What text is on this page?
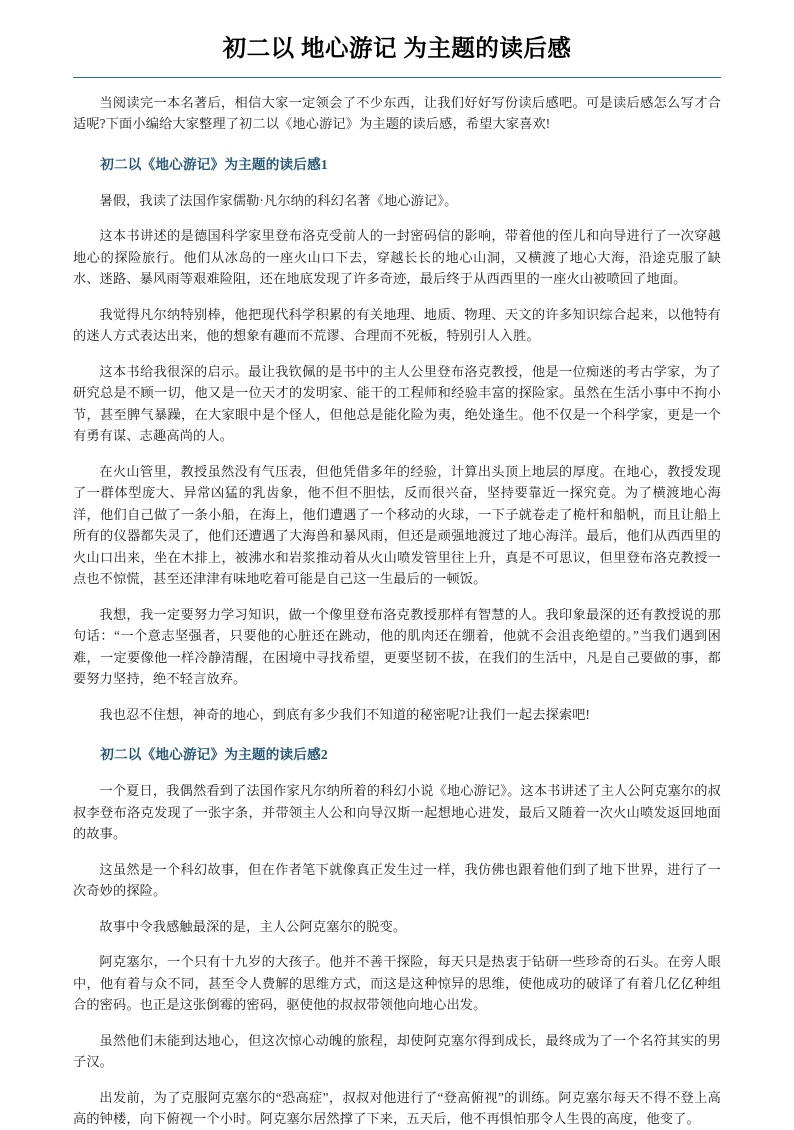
初二以 地心游记 为主题的读后感

当阅读完一本名著后，相信大家一定领会了不少东西，让我们好好写份读后感吧。可是读后感怎么写才合适呢?下面小编给大家整理了初二以《地心游记》为主题的读后感，希望大家喜欢!

初二以《地心游记》为主题的读后感1

暑假，我读了法国作家儒勒·凡尔纳的科幻名著《地心游记》。

这本书讲述的是德国科学家里登布洛克受前人的一封密码信的影响，带着他的侄儿和向导进行了一次穿越地心的探险旅行。他们从冰岛的一座火山口下去，穿越长长的地心山洞，又横渡了地心大海，沿途克服了缺水、迷路、暴风雨等艰难险阻，还在地底发现了许多奇迹，最后终于从西西里的一座火山被喷回了地面。

我觉得凡尔纳特别棒，他把现代科学积累的有关地理、地质、物理、天文的许多知识综合起来，以他特有的迷人方式表达出来，他的想象有趣而不荒谬、合理而不死板，特别引人入胜。

这本书给我很深的启示。最让我钦佩的是书中的主人公里登布洛克教授，他是一位痴迷的考古学家，为了研究总是不顾一切，他又是一位天才的发明家、能干的工程师和经验丰富的探险家。虽然在生活小事中不拘小节，甚至脾气暴躁，在大家眼中是个怪人，但他总是能化险为夷，绝处逢生。他不仅是一个科学家，更是一个有勇有谋、志趣高尚的人。

在火山管里，教授虽然没有气压表，但他凭借多年的经验，计算出头顶上地层的厚度。在地心，教授发现了一群体型庞大、异常凶猛的乳齿象，他不但不胆怯，反而很兴奋，坚持要靠近一探究竟。为了横渡地心海洋，他们自己做了一条小船，在海上，他们遭遇了一个移动的火球，一下子就卷走了桅杆和船帆，而且让船上所有的仪器都失灵了，他们还遭遇了大海兽和暴风雨，但还是顽强地渡过了地心海洋。最后，他们从西西里的火山口出来，坐在木排上，被沸水和岩浆推动着从火山喷发管里往上升，真是不可思议，但里登布洛克教授一点也不惊慌，甚至还津津有味地吃着可能是自己这一生最后的一顿饭。

我想，我一定要努力学习知识，做一个像里登布洛克教授那样有智慧的人。我印象最深的还有教授说的那句话：“一个意志坚强者，只要他的心脏还在跳动，他的肌肉还在绷着，他就不会沮丧绝望的。”当我们遇到困难，一定要像他一样冷静清醒，在困境中寻找希望，更要坚韧不拔，在我们的生活中，凡是自己要做的事，都要努力坚持，绝不轻言放弃。

我也忍不住想，神奇的地心，到底有多少我们不知道的秘密呢?让我们一起去探索吧!

初二以《地心游记》为主题的读后感2

一个夏日，我偶然看到了法国作家凡尔纳所着的科幻小说《地心游记》。这本书讲述了主人公阿克塞尔的叔叔李登布洛克发现了一张字条，并带领主人公和向导汉斯一起想地心进发，最后又随着一次火山喷发返回地面的故事。

这虽然是一个科幻故事，但在作者笔下就像真正发生过一样，我仿佛也跟着他们到了地下世界，进行了一次奇妙的探险。

故事中令我感触最深的是，主人公阿克塞尔的脱变。

阿克塞尔，一个只有十九岁的大孩子。他并不善干探险，每天只是热衷于钻研一些珍奇的石头。在旁人眼中，他有着与众不同，甚至令人费解的思维方式，而这是这种惊异的思维，使他成功的破译了有着几亿亿种组合的密码。也正是这张倒霉的密码，驱使他的叔叔带领他向地心出发。

虽然他们未能到达地心，但这次惊心动魄的旅程，却使阿克塞尔得到成长，最终成为了一个名符其实的男子汉。

出发前，为了克服阿克塞尔的“恐高症”，叔叔对他进行了“登高俯视”的训练。阿克塞尔每天不得不登上高高的钟楼，向下俯视一个小时。阿克塞尔居然撑了下来，五天后，他不再惧怕那令人生畏的高度，他变了。
